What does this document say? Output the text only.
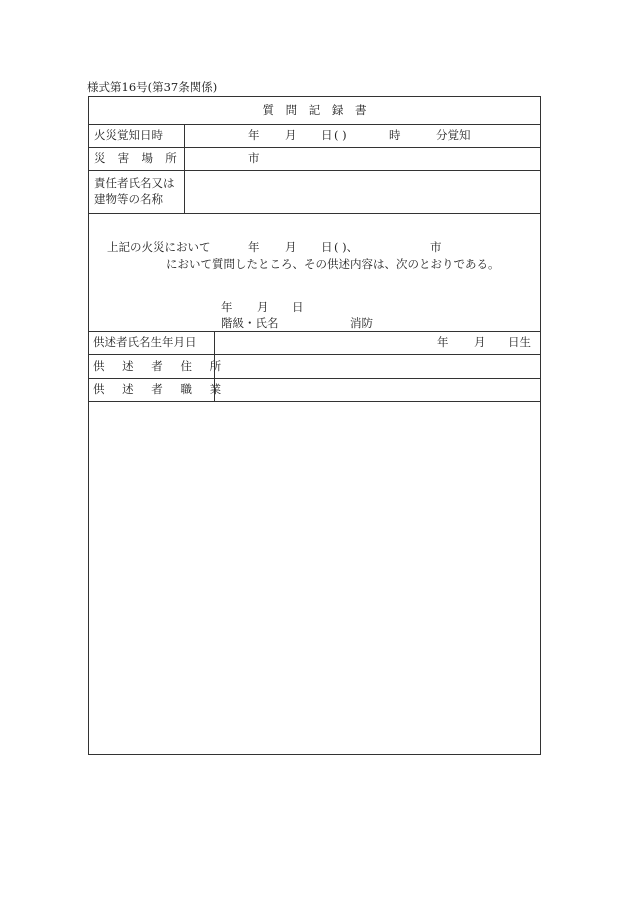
様式第16号(第37条関係)
質 問 記 録 書
火災覚知日時	年 月 日 ( )	時	分覚知
災 害 場 所	市
責任者氏名又は
建物等の名称
上記の火災において	年 月 日 ( )、	市
において質問したところ、その供述内容は、次のとおりである。
年 月 日
階級・氏名	消防
供述者氏名生年月日	年 月 日生
供 述 者 住 所
供 述 者 職 業
